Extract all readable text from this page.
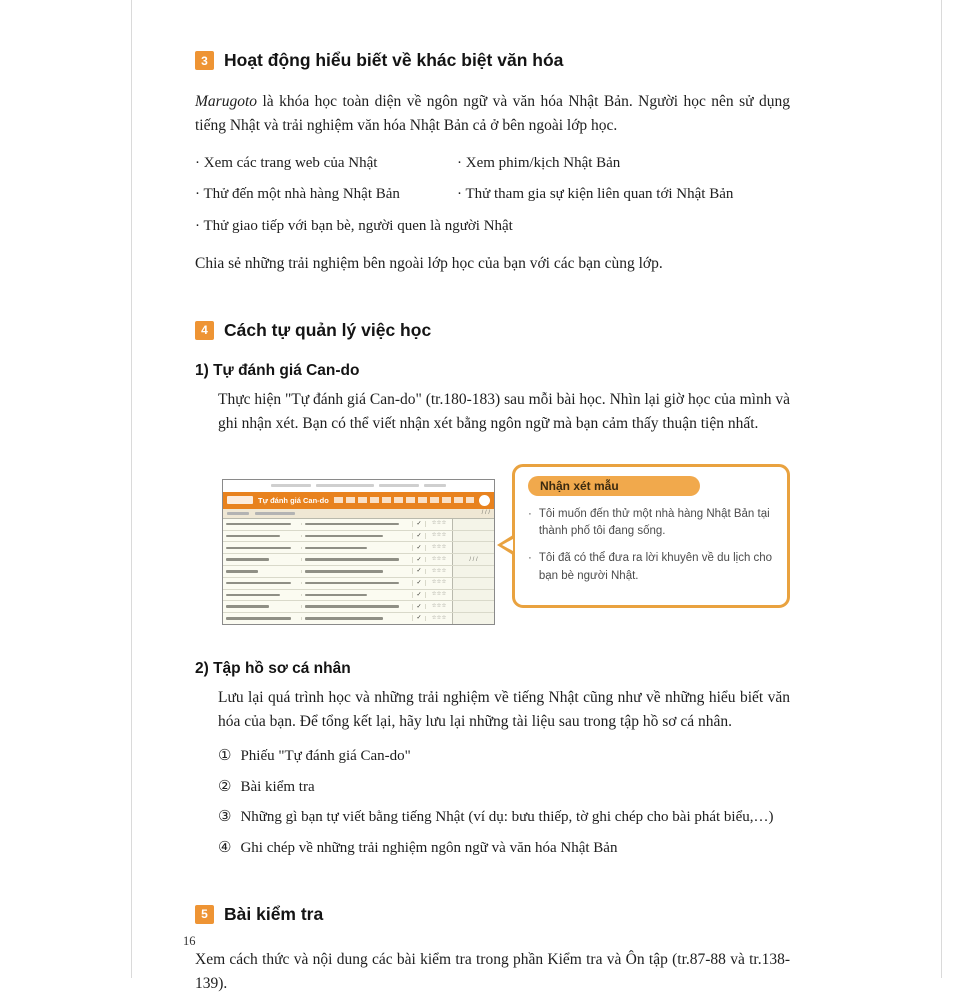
3 Hoạt động hiểu biết về khác biệt văn hóa

Marugoto là khóa học toàn diện về ngôn ngữ và văn hóa Nhật Bản. Người học nên sử dụng tiếng Nhật và trải nghiệm văn hóa Nhật Bản cả ở bên ngoài lớp học.

· Xem các trang web của Nhật	· Xem phim/kịch Nhật Bản
· Thử đến một nhà hàng Nhật Bản	· Thử tham gia sự kiện liên quan tới Nhật Bản
· Thử giao tiếp với bạn bè, người quen là người Nhật

Chia sẻ những trải nghiệm bên ngoài lớp học của bạn với các bạn cùng lớp.

4 Cách tự quản lý việc học
1) Tự đánh giá Can-do

Thực hiện "Tự đánh giá Can-do" (tr.180-183) sau mỗi bài học. Nhìn lại giờ học của mình và ghi nhận xét. Bạn có thể viết nhận xét bằng ngôn ngữ mà bạn cảm thấy thuận tiện nhất.

Tự đánh giá Can-do
/ / /
✓	☆☆☆
✓	☆☆☆
✓	☆☆☆
✓	☆☆☆	/ / /
✓	☆☆☆
✓	☆☆☆
✓	☆☆☆
✓	☆☆☆
✓	☆☆☆
Nhận xét mẫu
· Tôi muốn đến thử một nhà hàng Nhật Bản tại thành phố tôi đang sống.
· Tôi đã có thể đưa ra lời khuyên về du lịch cho bạn bè người Nhật.
2) Tập hồ sơ cá nhân

Lưu lại quá trình học và những trải nghiệm về tiếng Nhật cũng như về những hiểu biết văn hóa của bạn. Để tổng kết lại, hãy lưu lại những tài liệu sau trong tập hồ sơ cá nhân.

① Phiếu "Tự đánh giá Can-do"
② Bài kiểm tra
③ Những gì bạn tự viết bằng tiếng Nhật (ví dụ: bưu thiếp, tờ ghi chép cho bài phát biểu,…)
④ Ghi chép về những trải nghiệm ngôn ngữ và văn hóa Nhật Bản
5 Bài kiểm tra

Xem cách thức và nội dung các bài kiểm tra trong phần Kiểm tra và Ôn tập (tr.87-88 và tr.138-139).

16
